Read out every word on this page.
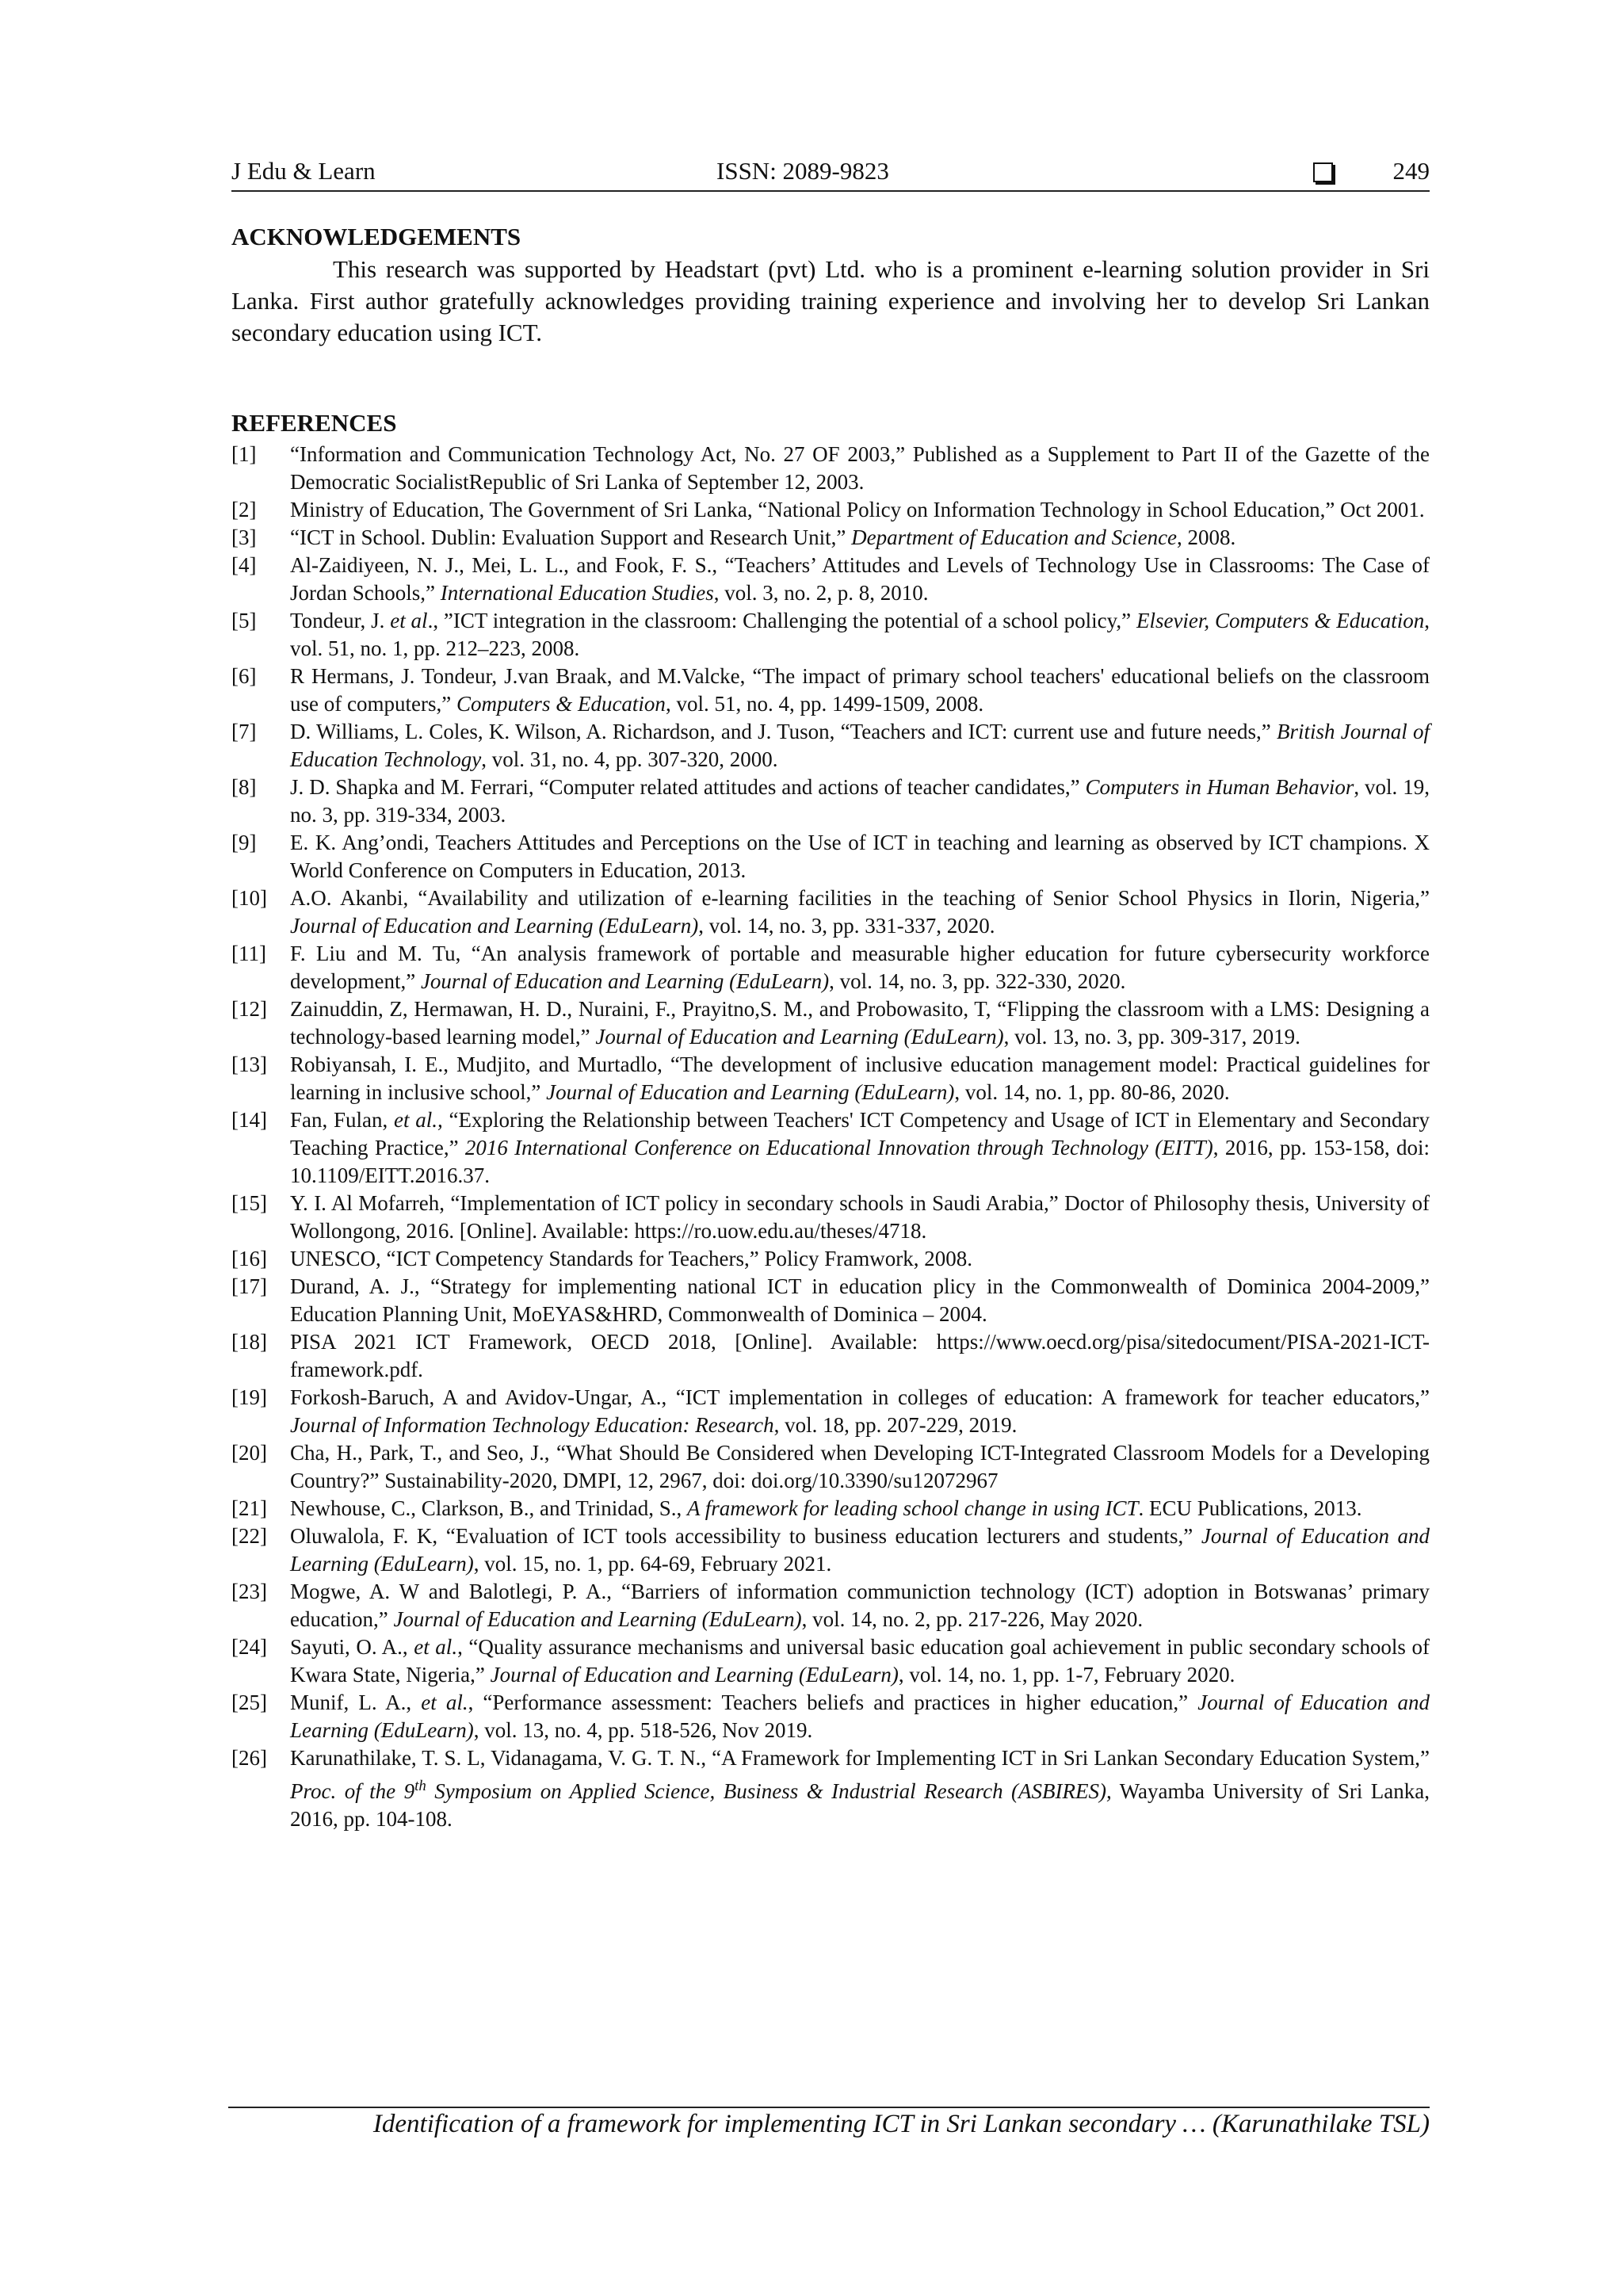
J Edu & Learn	ISSN: 2089-9823	249
ACKNOWLEDGEMENTS
This research was supported by Headstart (pvt) Ltd. who is a prominent e-learning solution provider in Sri Lanka. First author gratefully acknowledges providing training experience and involving her to develop Sri Lankan secondary education using ICT.
REFERENCES
[1] “Information and Communication Technology Act, No. 27 OF 2003,” Published as a Supplement to Part II of the Gazette of the Democratic SocialistRepublic of Sri Lanka of September 12, 2003.
[2] Ministry of Education, The Government of Sri Lanka, “National Policy on Information Technology in School Education,” Oct 2001.
[3] “ICT in School. Dublin: Evaluation Support and Research Unit,” Department of Education and Science, 2008.
[4] Al-Zaidiyeen, N. J., Mei, L. L., and Fook, F. S., “Teachers’ Attitudes and Levels of Technology Use in Classrooms: The Case of Jordan Schools,” International Education Studies, vol. 3, no. 2, p. 8, 2010.
[5] Tondeur, J. et al., ”ICT integration in the classroom: Challenging the potential of a school policy,” Elsevier, Computers & Education, vol. 51, no. 1, pp. 212–223, 2008.
[6] R Hermans, J. Tondeur, J.van Braak, and M.Valcke, “The impact of primary school teachers' educational beliefs on the classroom use of computers,” Computers & Education, vol. 51, no. 4, pp. 1499-1509, 2008.
[7] D. Williams, L. Coles, K. Wilson, A. Richardson, and J. Tuson, “Teachers and ICT: current use and future needs,” British Journal of Education Technology, vol. 31, no. 4, pp. 307-320, 2000.
[8] J. D. Shapka and M. Ferrari, “Computer related attitudes and actions of teacher candidates,” Computers in Human Behavior, vol. 19, no. 3, pp. 319-334, 2003.
[9] E. K. Ang’ondi, Teachers Attitudes and Perceptions on the Use of ICT in teaching and learning as observed by ICT champions. X World Conference on Computers in Education, 2013.
[10] A.O. Akanbi, “Availability and utilization of e-learning facilities in the teaching of Senior School Physics in Ilorin, Nigeria,” Journal of Education and Learning (EduLearn), vol. 14, no. 3, pp. 331-337, 2020.
[11] F. Liu and M. Tu, “An analysis framework of portable and measurable higher education for future cybersecurity workforce development,” Journal of Education and Learning (EduLearn), vol. 14, no. 3, pp. 322-330, 2020.
[12] Zainuddin, Z, Hermawan, H. D., Nuraini, F., Prayitno,S. M., and Probowasito, T, “Flipping the classroom with a LMS: Designing a technology-based learning model,” Journal of Education and Learning (EduLearn), vol. 13, no. 3, pp. 309-317, 2019.
[13] Robiyansah, I. E., Mudjito, and Murtadlo, “The development of inclusive education management model: Practical guidelines for learning in inclusive school,” Journal of Education and Learning (EduLearn), vol. 14, no. 1, pp. 80-86, 2020.
[14] Fan, Fulan, et al., “Exploring the Relationship between Teachers' ICT Competency and Usage of ICT in Elementary and Secondary Teaching Practice,” 2016 International Conference on Educational Innovation through Technology (EITT), 2016, pp. 153-158, doi: 10.1109/EITT.2016.37.
[15] Y. I. Al Mofarreh, “Implementation of ICT policy in secondary schools in Saudi Arabia,” Doctor of Philosophy thesis, University of Wollongong, 2016. [Online]. Available: https://ro.uow.edu.au/theses/4718.
[16] UNESCO, “ICT Competency Standards for Teachers,” Policy Framwork, 2008.
[17] Durand, A. J., “Strategy for implementing national ICT in education plicy in the Commonwealth of Dominica 2004-2009,” Education Planning Unit, MoEYAS&HRD, Commonwealth of Dominica – 2004.
[18] PISA 2021 ICT Framework, OECD 2018, [Online]. Available: https://www.oecd.org/pisa/sitedocument/PISA-2021-ICT-framework.pdf.
[19] Forkosh-Baruch, A and Avidov-Ungar, A., “ICT implementation in colleges of education: A framework for teacher educators,” Journal of Information Technology Education: Research, vol. 18, pp. 207-229, 2019.
[20] Cha, H., Park, T., and Seo, J., “What Should Be Considered when Developing ICT-Integrated Classroom Models for a Developing Country?” Sustainability-2020, DMPI, 12, 2967, doi: doi.org/10.3390/su12072967
[21] Newhouse, C., Clarkson, B., and Trinidad, S., A framework for leading school change in using ICT. ECU Publications, 2013.
[22] Oluwalola, F. K, “Evaluation of ICT tools accessibility to business education lecturers and students,” Journal of Education and Learning (EduLearn), vol. 15, no. 1, pp. 64-69, February 2021.
[23] Mogwe, A. W and Balotlegi, P. A., “Barriers of information communiction technology (ICT) adoption in Botswanas’ primary education,” Journal of Education and Learning (EduLearn), vol. 14, no. 2, pp. 217-226, May 2020.
[24] Sayuti, O. A., et al., “Quality assurance mechanisms and universal basic education goal achievement in public secondary schools of Kwara State, Nigeria,” Journal of Education and Learning (EduLearn), vol. 14, no. 1, pp. 1-7, February 2020.
[25] Munif, L. A., et al., “Performance assessment: Teachers beliefs and practices in higher education,” Journal of Education and Learning (EduLearn), vol. 13, no. 4, pp. 518-526, Nov 2019.
[26] Karunathilake, T. S. L, Vidanagama, V. G. T. N., “A Framework for Implementing ICT in Sri Lankan Secondary Education System,” Proc. of the 9th Symposium on Applied Science, Business & Industrial Research (ASBIRES), Wayamba University of Sri Lanka, 2016, pp. 104-108.
Identification of a framework for implementing ICT in Sri Lankan secondary … (Karunathilake TSL)
